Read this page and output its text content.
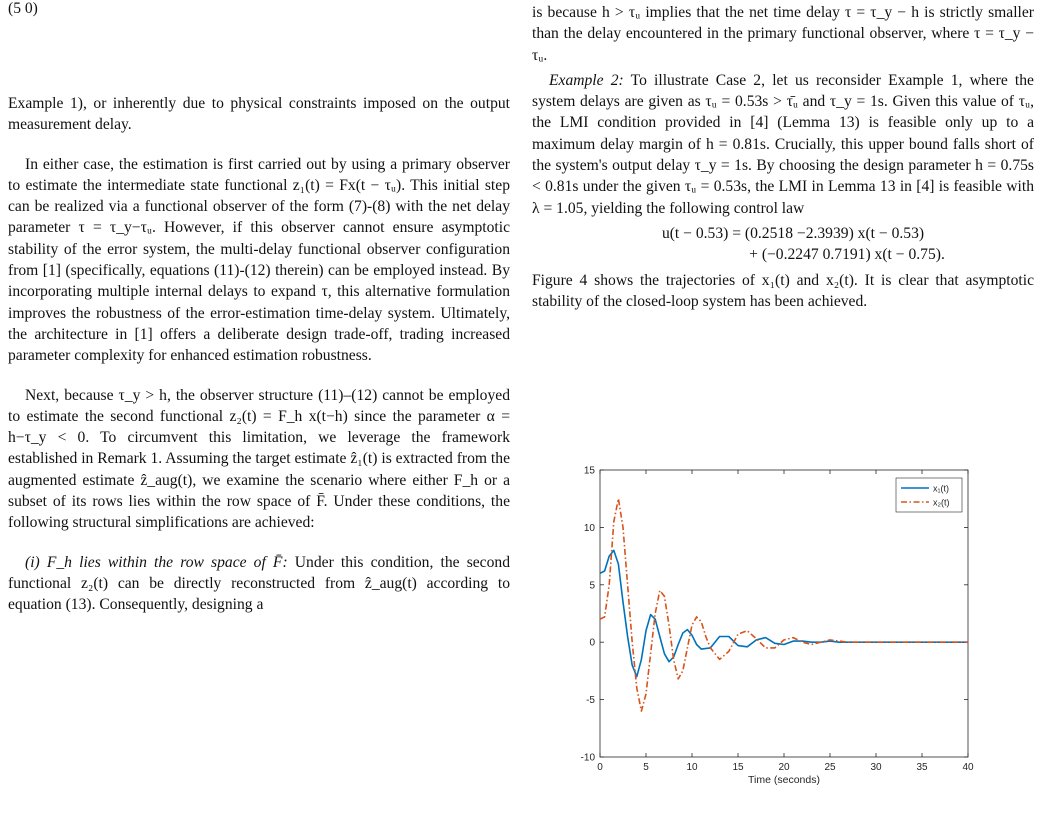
(5 0)

Example 1), or inherently due to physical constraints imposed on the output measurement delay.

In either case, the estimation is first carried out by using a primary observer to estimate the intermediate state functional z₁(t) = Fx(t − τᵤ). This initial step can be realized via a functional observer of the form (7)-(8) with the net delay parameter τ = τ_y−τᵤ. However, if this observer cannot ensure asymptotic stability of the error system, the multi-delay functional observer configuration from [1] (specifically, equations (11)-(12) therein) can be employed instead. By incorporating multiple internal delays to expand τ, this alternative formulation improves the robustness of the error-estimation time-delay system. Ultimately, the architecture in [1] offers a deliberate design trade-off, trading increased parameter complexity for enhanced estimation robustness.

Next, because τ_y > h, the observer structure (11)–(12) cannot be employed to estimate the second functional z₂(t) = F_h x(t−h) since the parameter α = h−τ_y < 0. To circumvent this limitation, we leverage the framework established in Remark 1. Assuming the target estimate ẑ₁(t) is extracted from the augmented estimate ẑ_aug(t), we examine the scenario where either F_h or a subset of its rows lies within the row space of F̄. Under these conditions, the following structural simplifications are achieved:

(i) F_h lies within the row space of F̄: Under this condition, the second functional z₂(t) can be directly reconstructed from ẑ_aug(t) according to equation (13). Consequently, designing a

is because h > τᵤ implies that the net time delay τ = τ_y − h is strictly smaller than the delay encountered in the primary functional observer, where τ = τ_y − τᵤ.

Example 2: To illustrate Case 2, let us reconsider Example 1, where the system delays are given as τᵤ = 0.53s > τ̄ᵤ and τ_y = 1s. Given this value of τᵤ, the LMI condition provided in [4] (Lemma 13) is feasible only up to a maximum delay margin of h = 0.81s. Crucially, this upper bound falls short of the system's output delay τ_y = 1s. By choosing the design parameter h = 0.75s < 0.81s under the given τᵤ = 0.53s, the LMI in Lemma 13 in [4] is feasible with λ = 1.05, yielding the following control law

u(t − 0.53) = (0.2518 −2.3939) x(t − 0.53)
+ (−0.2247 0.7191) x(t − 0.75).

Figure 4 shows the trajectories of x₁(t) and x₂(t). It is clear that asymptotic stability of the closed-loop system has been achieved.

0	5	10	15	20	25	30	35	40
-10
-5
0
5
10
15
x₁(t)
x₂(t)
Time (seconds)
